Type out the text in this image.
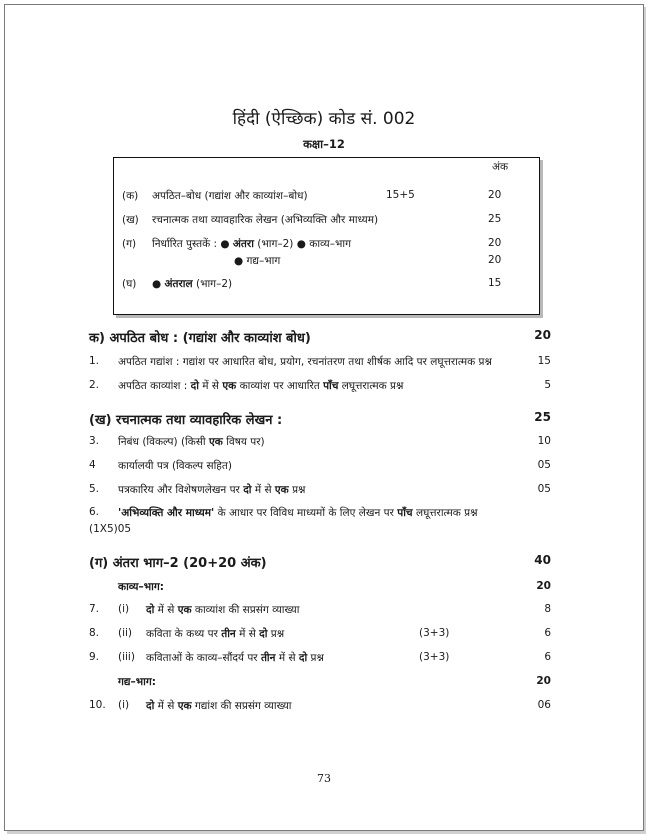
हिंदी (ऐच्छिक) कोड सं. 002
कक्षा–12
अंक
(क) अपठित–बोध (गद्यांश और काव्यांश–बोध)	15+5	20
(ख) रचनात्मक तथा व्यावहारिक लेखन (अभिव्यक्ति और माध्यम)	25
(ग) निर्धारित पुस्तकें : ● अंतरा (भाग–2) ● काव्य–भाग	20
● गद्य–भाग	20
(घ) ● अंतराल (भाग–2)	15
क) अपठित बोध : (गद्यांश और काव्यांश बोध)	20
1. अपठित गद्यांश : गद्यांश पर आधारित बोध, प्रयोग, रचनांतरण तथा शीर्षक आदि पर लघूत्तरात्मक प्रश्न	15
2. अपठित काव्यांश : दो में से एक काव्यांश पर आधारित पाँच लघूत्तरात्मक प्रश्न	5
(ख) रचनात्मक तथा व्यावहारिक लेखन :	25
3. निबंध (विकल्प) (किसी एक विषय पर)	10
4 कार्यालयी पत्र (विकल्प सहित)	05
5. पत्रकारिय और विशेषणलेखन पर दो में से एक प्रश्न	05
6. 'अभिव्यक्ति और माध्यम' के आधार पर विविध माध्यमों के लिए लेखन पर पाँच लघूत्तरात्मक प्रश्न
(1X5)05
(ग) अंतरा भाग–2 (20+20 अंक)	40
काव्य–भाग:	20
7. (i) दो में से एक काव्यांश की सप्रसंग व्याख्या	8
8. (ii) कविता के कथ्य पर तीन में से दो प्रश्न	(3+3)	6
9. (iii) कविताओं के काव्य–सौंदर्य पर तीन में से दो प्रश्न	(3+3)	6
गद्य–भाग:	20
10. (i) दो में से एक गद्यांश की सप्रसंग व्याख्या	06
73
